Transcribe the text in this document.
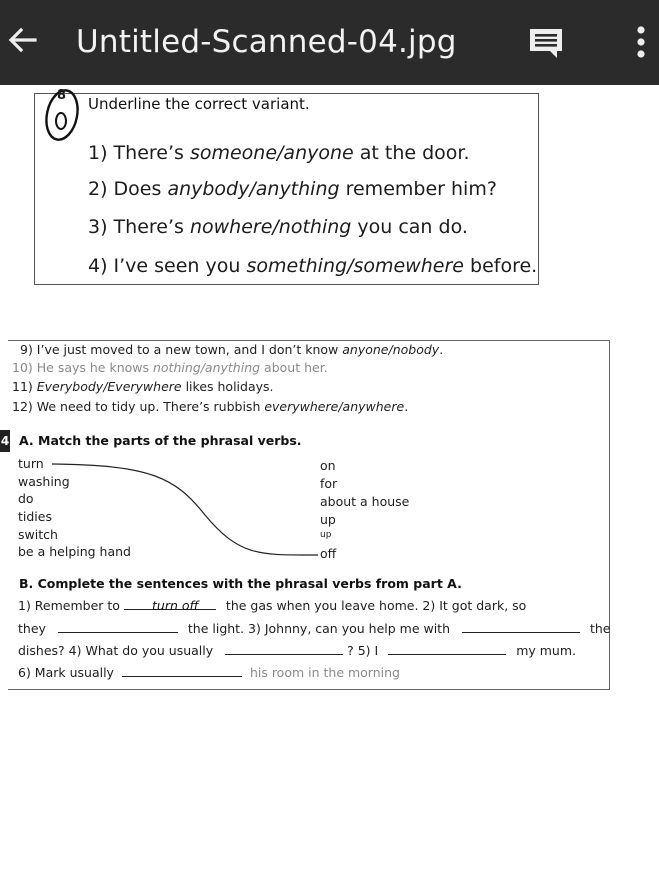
Untitled-Scanned-04.jpg
8 Underline the correct variant.
1) There’s someone/anyone at the door.
2) Does anybody/anything remember him?
3) There’s nowhere/nothing you can do.
4) I’ve seen you something/somewhere before.
9) I’ve just moved to a new town, and I don’t know anyone/nobody.
10) He says he knows nothing/anything about her.
11) Everybody/Everywhere likes holidays.
12) We need to tidy up. There’s rubbish everywhere/anywhere.
4 A. Match the parts of the phrasal verbs.
turn
washing
do
tidies
switch
be a helping hand
on
for
about a house
up
up
off
B. Complete the sentences with the phrasal verbs from part A.
1) Remember to	the gas when you leave home. 2) It got dark, so
turn off
they	the light. 3) Johnny, can you help me with	the
dishes? 4) What do you usually	? 5) I	my mum.
6) Mark usually	his room in the morning
